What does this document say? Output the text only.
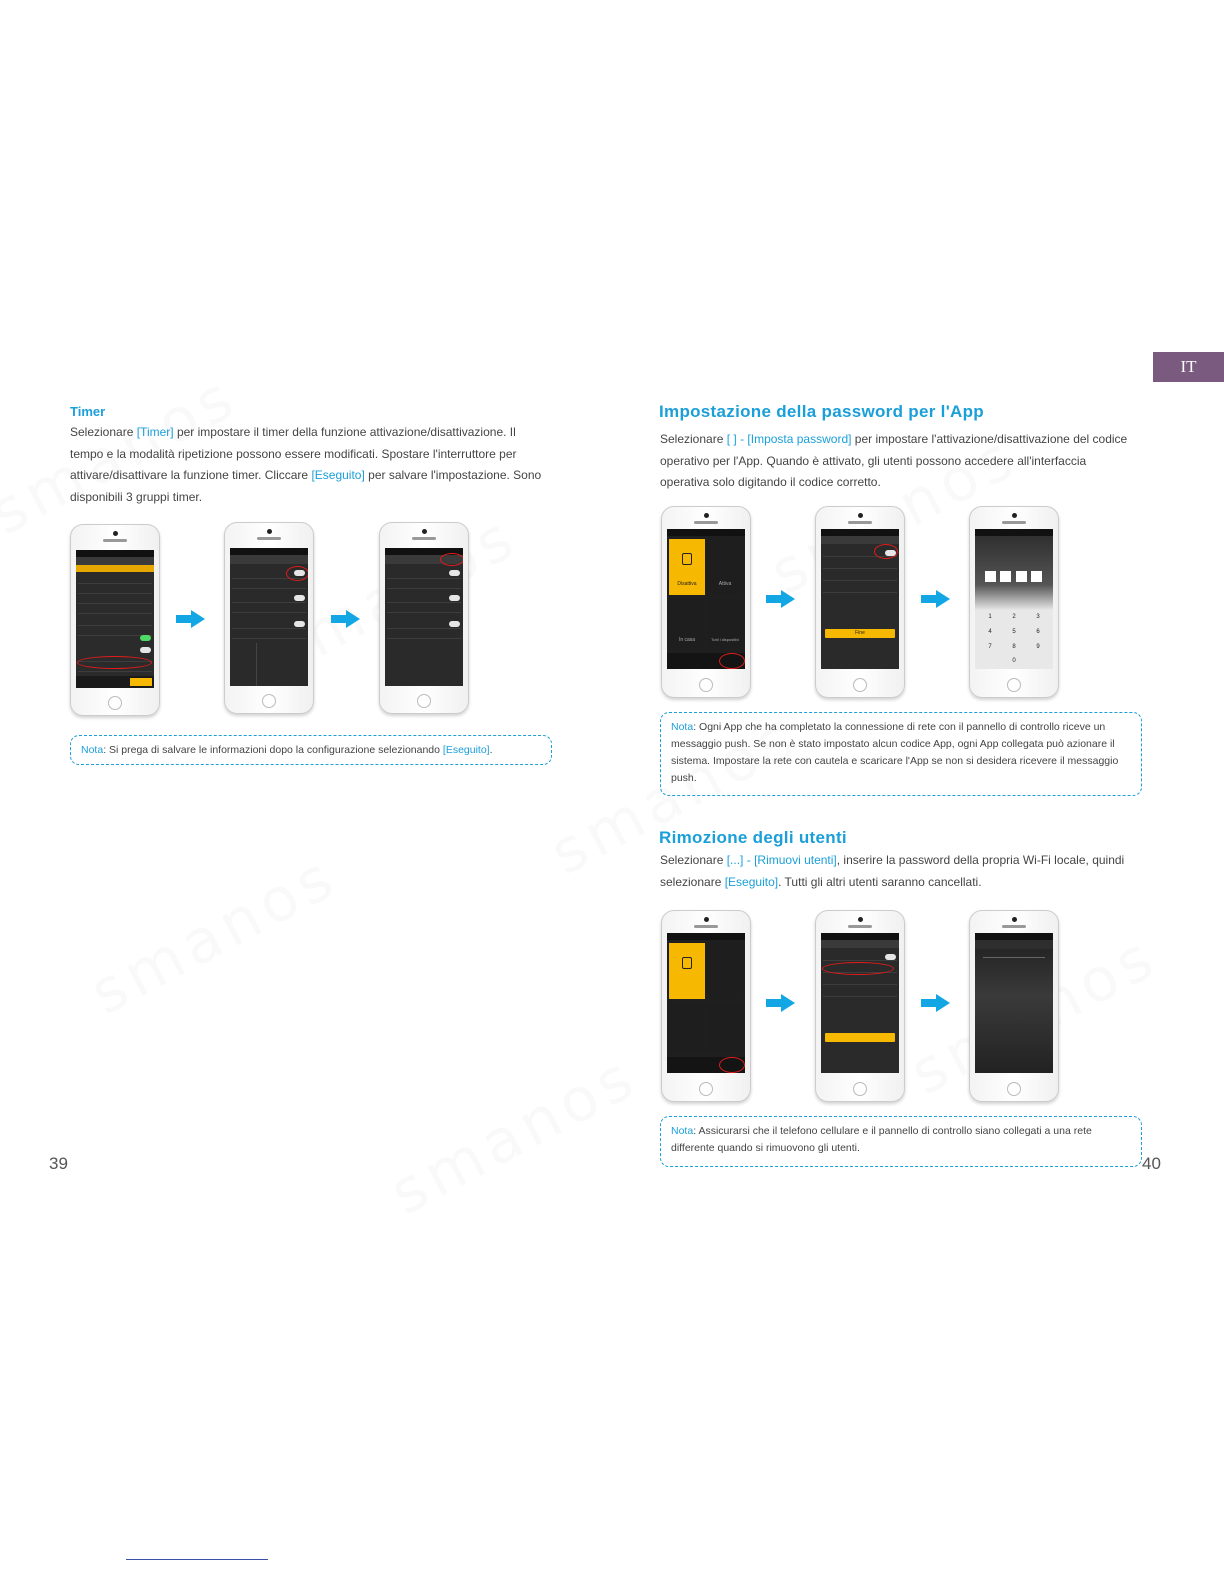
IT
Timer

Selezionare [Timer] per impostare il timer della funzione attivazione/disattivazione. Il tempo e la modalità ripetizione possono essere modificati. Spostare l'interruttore per attivare/disattivare la funzione timer. Cliccare [Eseguito] per salvare l'impostazione. Sono disponibili 3 gruppi timer.

Nota: Si prega di salvare le informazioni dopo la configurazione selezionando [Eseguito].
39
Impostazione della password per l'App

Selezionare [ ] - [Imposta password] per impostare l'attivazione/disattivazione del codice operativo per l'App. Quando è attivato, gli utenti possono accedere all'interfaccia operativa solo digitando il codice corretto.

Disattiva	Attiva
In casa	Tutti i dispositivi
Fine
1	2	3
4	5	6
7	8	9
0
Nota: Ogni App che ha completato la connessione di rete con il pannello di controllo riceve un messaggio push. Se non è stato impostato alcun codice App, ogni App collegata può azionare il sistema. Impostare la rete con cautela e scaricare l'App se non si desidera ricevere il messaggio push.
Rimozione degli utenti

Selezionare [...] - [Rimuovi utenti], inserire la password della propria Wi-Fi locale, quindi selezionare [Eseguito]. Tutti gli altri utenti saranno cancellati.

Nota: Assicurarsi che il telefono cellulare e il pannello di controllo siano collegati a una rete differente quando si rimuovono gli utenti.
40
